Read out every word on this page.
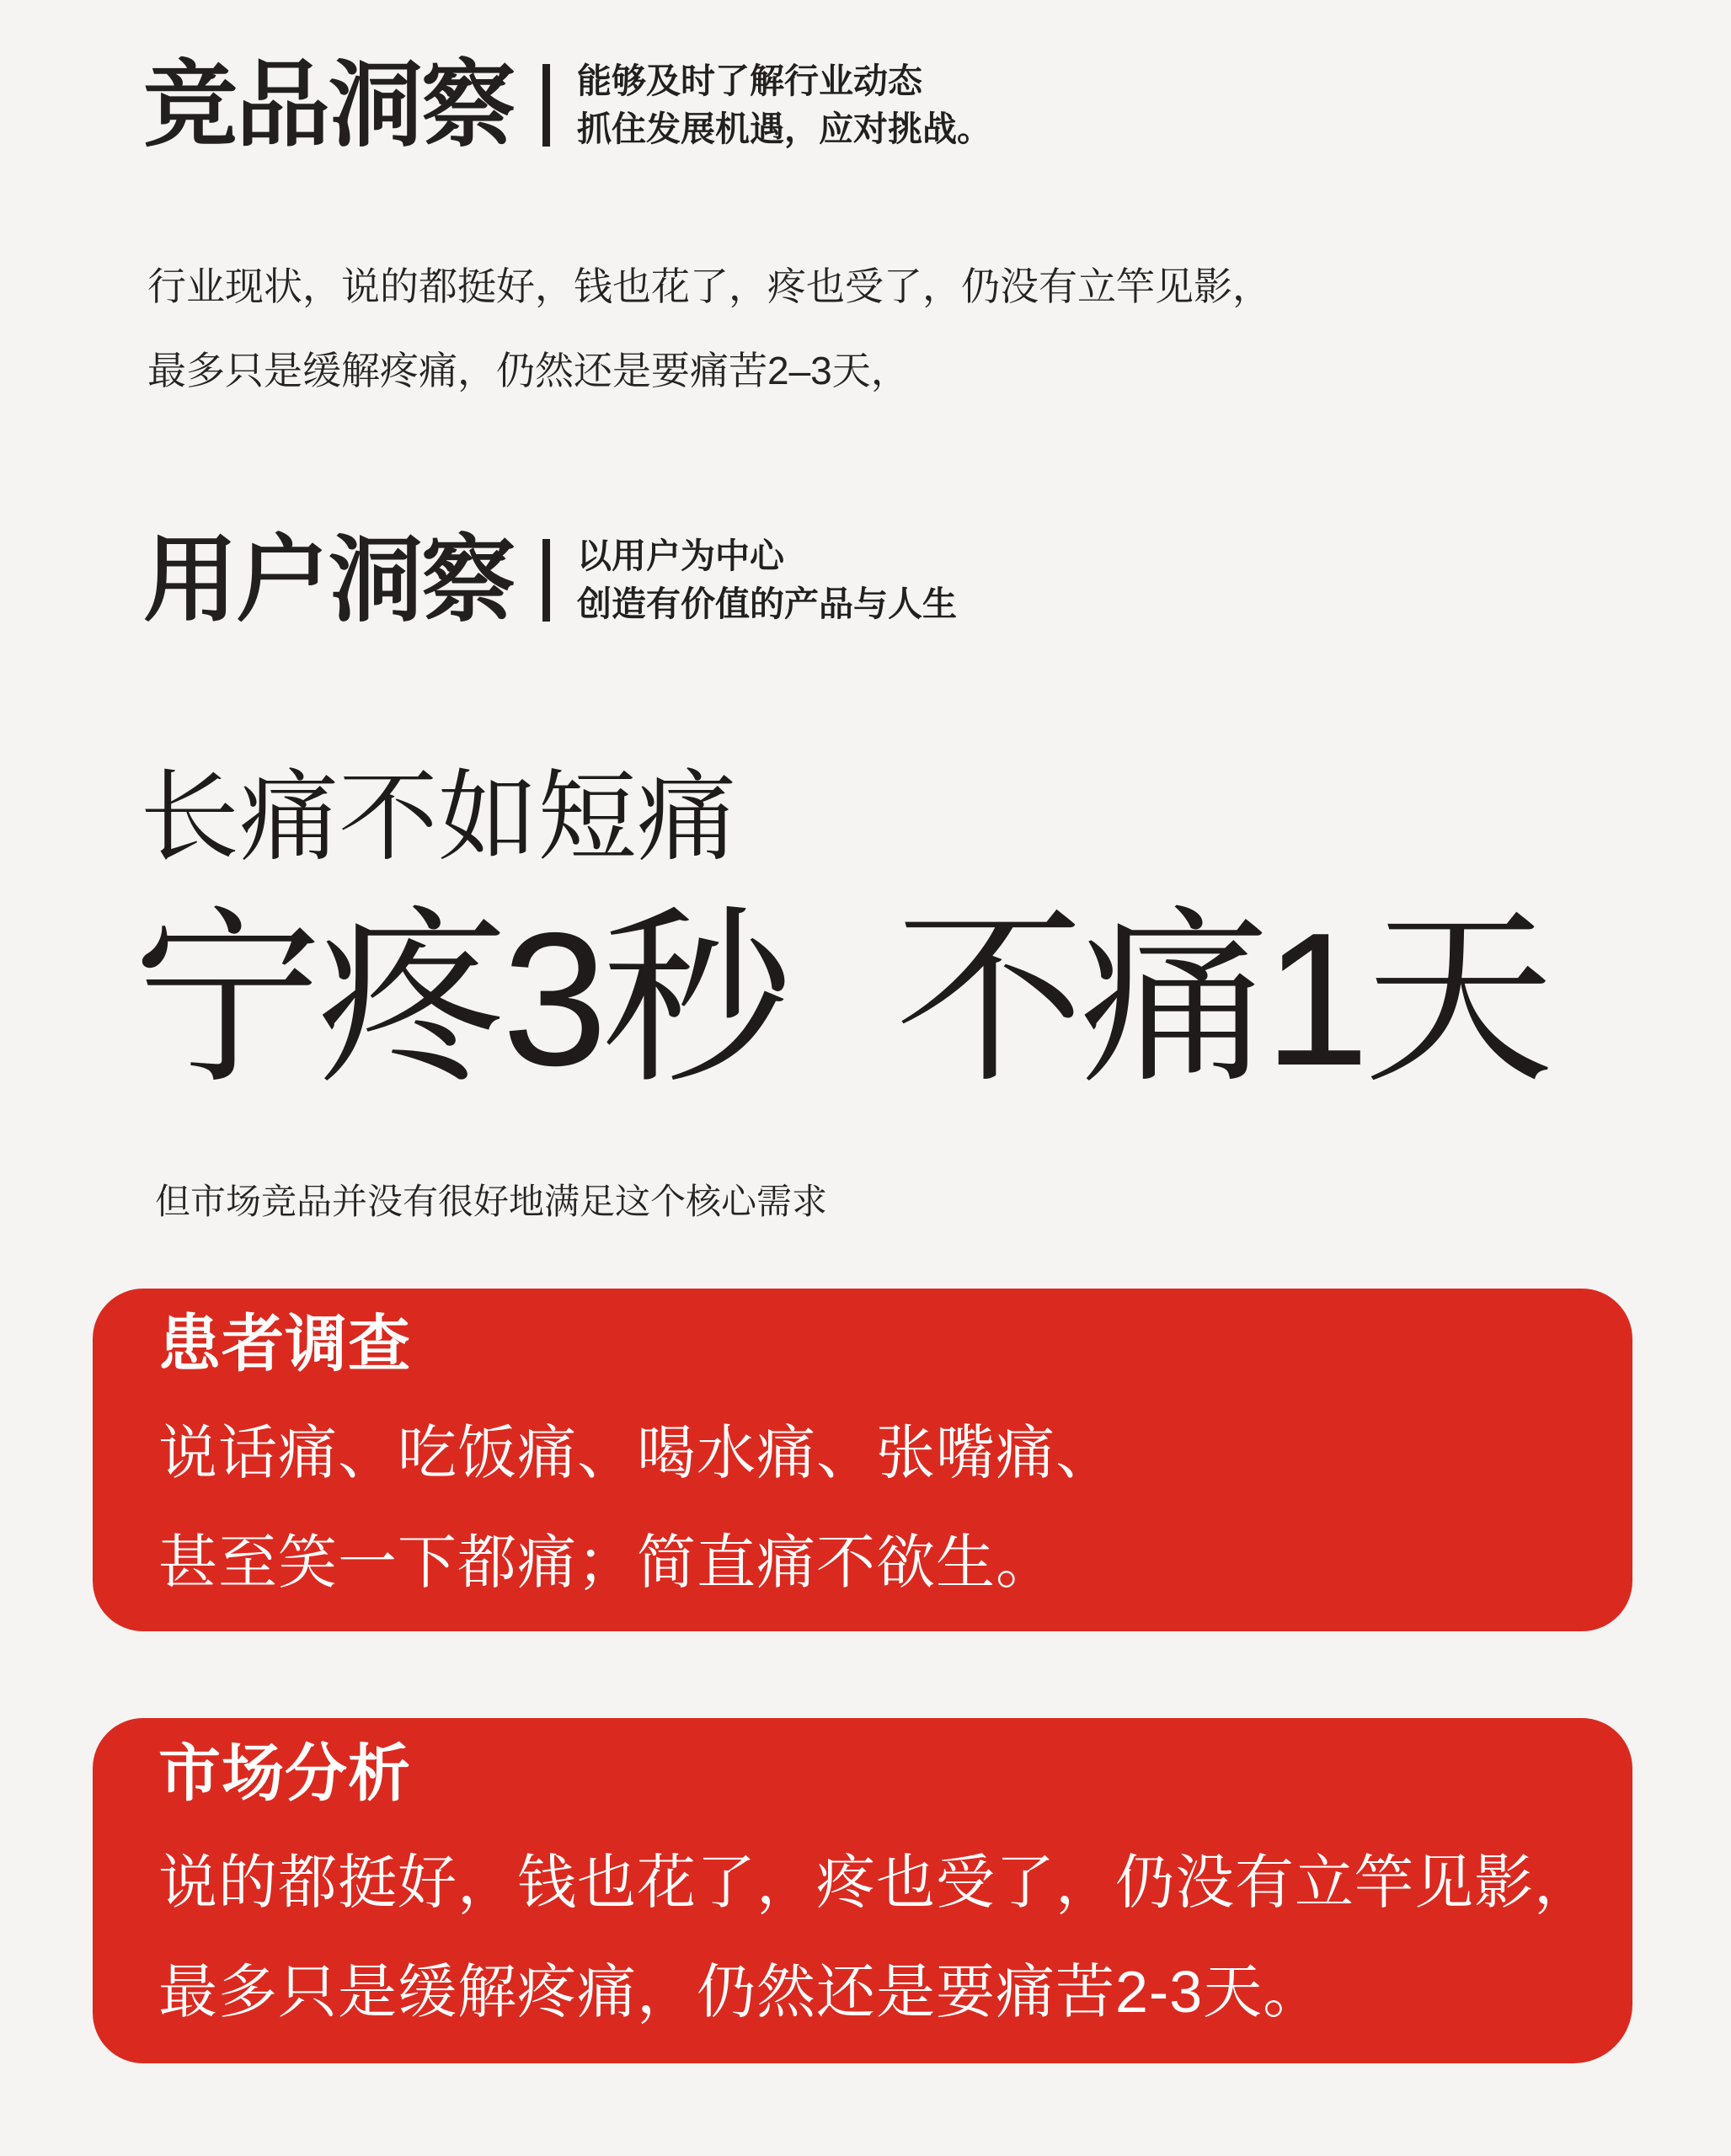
竞品洞察 能够及时了解行业动态
抓住发展机遇，应对挑战。
行业现状，说的都挺好，钱也花了，疼也受了，仍没有立竿见影，
最多只是缓解疼痛，仍然还是要痛苦2–3天，
用户洞察 以用户为中心
创造有价值的产品与人生
长痛不如短痛
宁疼3秒 不痛1天
但市场竞品并没有很好地满足这个核心需求
患者调查
说话痛、吃饭痛、喝水痛、张嘴痛、
甚至笑一下都痛；简直痛不欲生。
市场分析
说的都挺好，钱也花了，疼也受了，仍没有立竿见影，
最多只是缓解疼痛，仍然还是要痛苦2-3天。
